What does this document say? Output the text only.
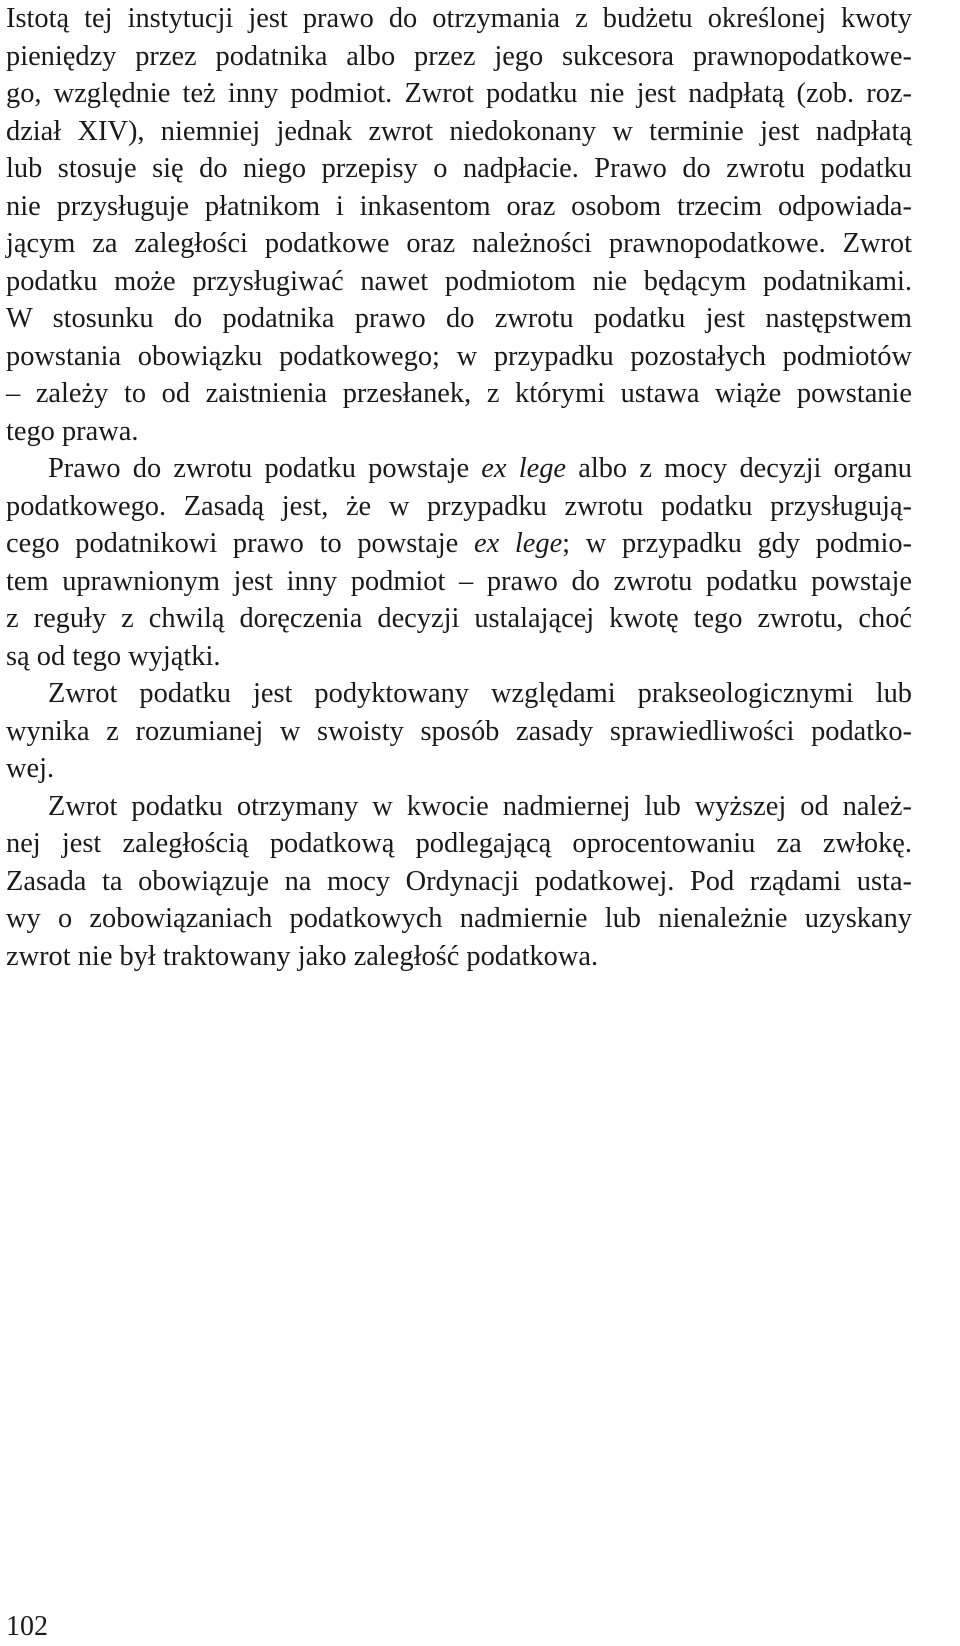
Istotą tej instytucji jest prawo do otrzymania z budżetu określonej kwoty
pieniędzy przez podatnika albo przez jego sukcesora prawnopodatkowe-
go, względnie też inny podmiot. Zwrot podatku nie jest nadpłatą (zob. roz-
dział XIV), niemniej jednak zwrot niedokonany w terminie jest nadpłatą
lub stosuje się do niego przepisy o nadpłacie. Prawo do zwrotu podatku
nie przysługuje płatnikom i inkasentom oraz osobom trzecim odpowiada-
jącym za zaległości podatkowe oraz należności prawnopodatkowe. Zwrot
podatku może przysługiwać nawet podmiotom nie będącym podatnikami.
W stosunku do podatnika prawo do zwrotu podatku jest następstwem
powstania obowiązku podatkowego; w przypadku pozostałych podmiotów
– zależy to od zaistnienia przesłanek, z którymi ustawa wiąże powstanie
tego prawa.
Prawo do zwrotu podatku powstaje ex lege albo z mocy decyzji organu
podatkowego. Zasadą jest, że w przypadku zwrotu podatku przysługują-
cego podatnikowi prawo to powstaje ex lege; w przypadku gdy podmio-
tem uprawnionym jest inny podmiot – prawo do zwrotu podatku powstaje
z reguły z chwilą doręczenia decyzji ustalającej kwotę tego zwrotu, choć
są od tego wyjątki.
Zwrot podatku jest podyktowany względami prakseologicznymi lub
wynika z rozumianej w swoisty sposób zasady sprawiedliwości podatko-
wej.
Zwrot podatku otrzymany w kwocie nadmiernej lub wyższej od należ-
nej jest zaległością podatkową podlegającą oprocentowaniu za zwłokę.
Zasada ta obowiązuje na mocy Ordynacji podatkowej. Pod rządami usta-
wy o zobowiązaniach podatkowych nadmiernie lub nienależnie uzyskany
zwrot nie był traktowany jako zaległość podatkowa.
102
